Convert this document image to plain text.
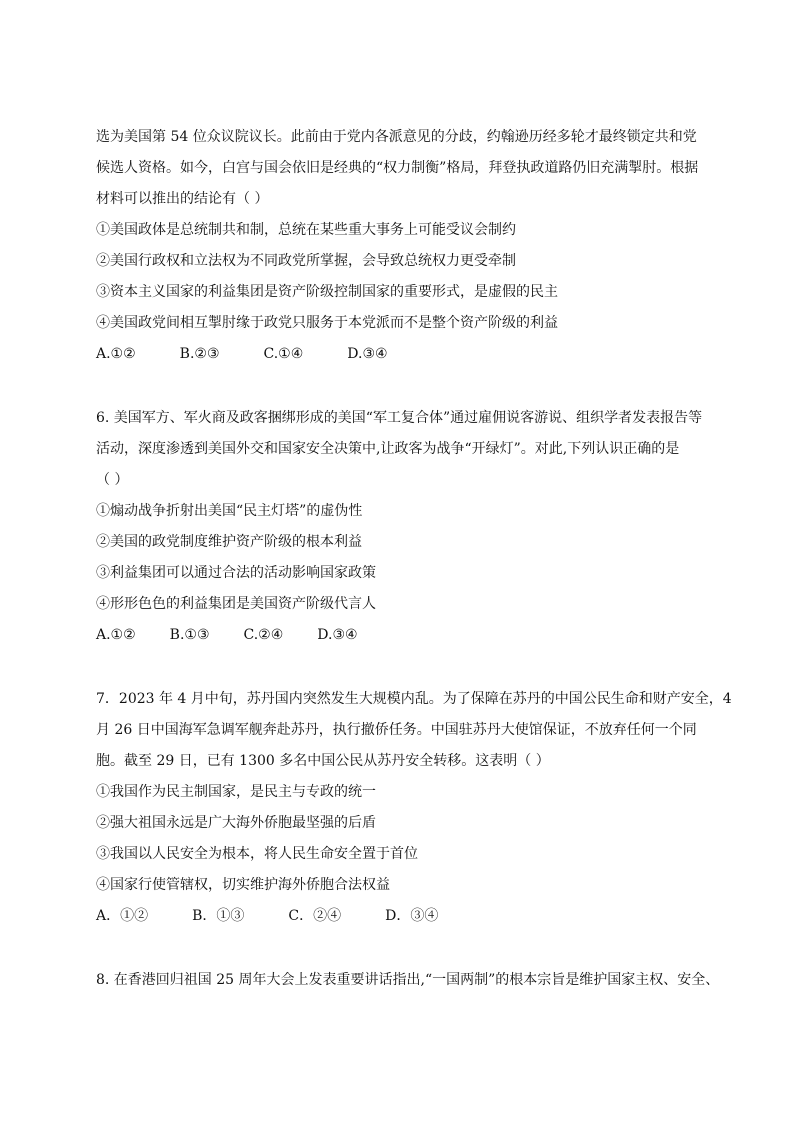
选为美国第 54 位众议院议长。此前由于党内各派意见的分歧，约翰逊历经多轮才最终锁定共和党
候选人资格。如今，白宫与国会依旧是经典的“权力制衡”格局，拜登执政道路仍旧充满掣肘。根据
材料可以推出的结论有（ ）
①美国政体是总统制共和制，总统在某些重大事务上可能受议会制约
②美国行政权和立法权为不同政党所掌握，会导致总统权力更受牵制
③资本主义国家的利益集团是资产阶级控制国家的重要形式，是虚假的民主
④美国政党间相互掣肘缘于政党只服务于本党派而不是整个资产阶级的利益
A.①②	B.②③	C.①④	D.③④
6. 美国军方、军火商及政客捆绑形成的美国“军工复合体”通过雇佣说客游说、组织学者发表报告等
活动，深度渗透到美国外交和国家安全决策中,让政客为战争“开绿灯”。对此,下列认识正确的是
（ ）
①煽动战争折射出美国“民主灯塔”的虚伪性
②美国的政党制度维护资产阶级的根本利益
③利益集团可以通过合法的活动影响国家政策
④形形色色的利益集团是美国资产阶级代言人
A.①② B.①③ C.②④ D.③④
7．2023 年 4 月中旬，苏丹国内突然发生大规模内乱。为了保障在苏丹的中国公民生命和财产安全，4
月 26 日中国海军急调军舰奔赴苏丹，执行撤侨任务。中国驻苏丹大使馆保证，不放弃任何一个同
胞。截至 29 日，已有 1300 多名中国公民从苏丹安全转移。这表明（ ）
①我国作为民主制国家，是民主与专政的统一
②强大祖国永远是广大海外侨胞最坚强的后盾
③我国以人民安全为根本，将人民生命安全置于首位
④国家行使管辖权，切实维护海外侨胞合法权益
A．①②	B．①③	C．②④	D．③④
8. 在香港回归祖国 25 周年大会上发表重要讲话指出,“一国两制”的根本宗旨是维护国家主权、安全、
